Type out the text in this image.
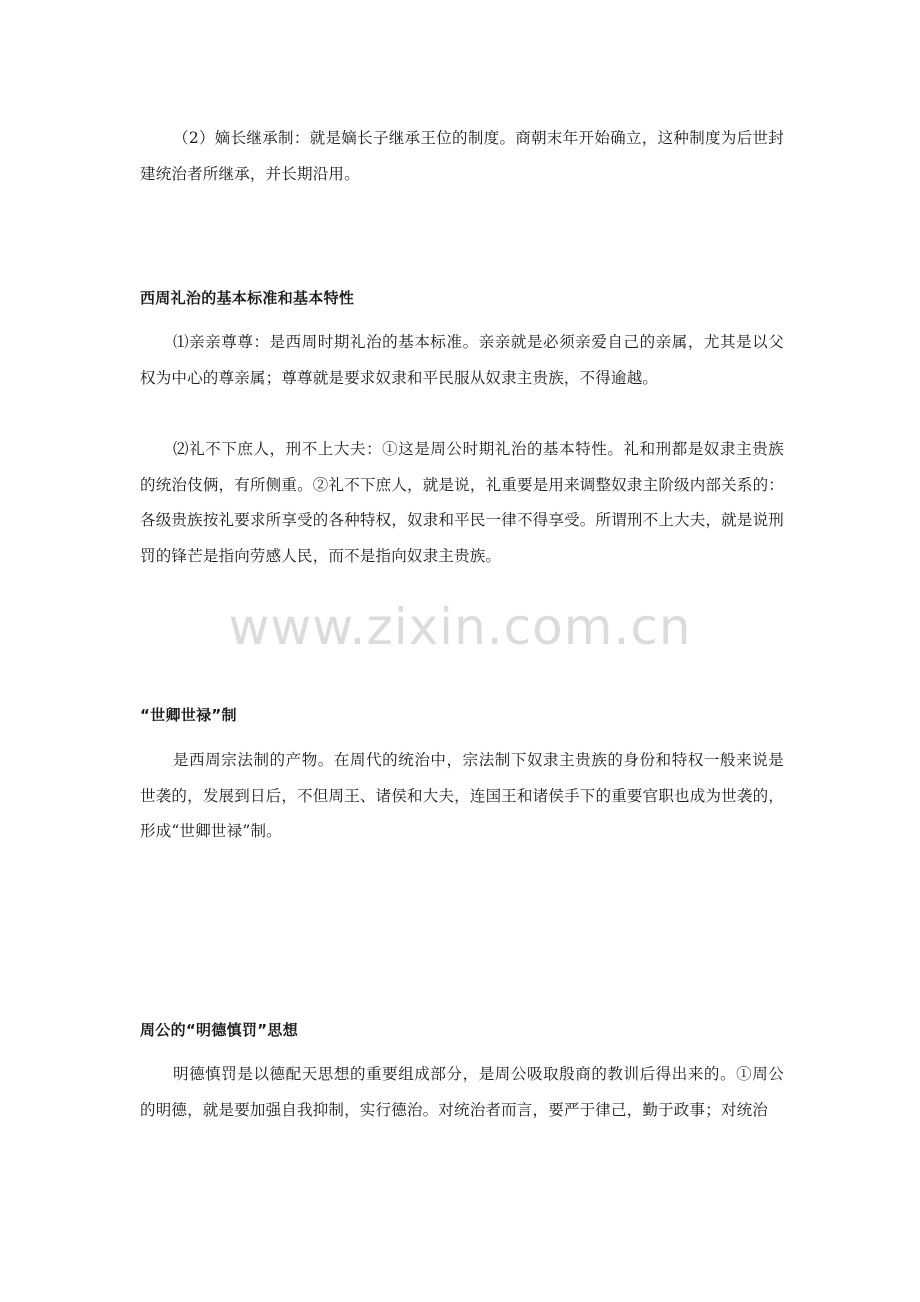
（2）嫡长继承制：就是嫡长子继承王位的制度。商朝末年开始确立，这种制度为后世封建统治者所继承，并长期沿用。

西周礼治的基本标准和基本特性

⑴亲亲尊尊：是西周时期礼治的基本标准。亲亲就是必须亲爱自己的亲属，尤其是以父权为中心的尊亲属；尊尊就是要求奴隶和平民服从奴隶主贵族，不得逾越。

⑵礼不下庶人，刑不上大夫：①这是周公时期礼治的基本特性。礼和刑都是奴隶主贵族的统治伎俩，有所侧重。②礼不下庶人，就是说，礼重要是用来调整奴隶主阶级内部关系的：各级贵族按礼要求所享受的各种特权，奴隶和平民一律不得享受。所谓刑不上大夫，就是说刑罚的锋芒是指向劳感人民，而不是指向奴隶主贵族。

“世卿世禄”制

是西周宗法制的产物。在周代的统治中，宗法制下奴隶主贵族的身份和特权一般来说是世袭的，发展到日后，不但周王、诸侯和大夫，连国王和诸侯手下的重要官职也成为世袭的，形成“世卿世禄”制。

周公的“明德慎罚”思想

明德慎罚是以德配天思想的重要组成部分，是周公吸取殷商的教训后得出来的。①周公的明德，就是要加强自我抑制，实行德治。对统治者而言，要严于律己，勤于政事；对统治

www.zixin.com.cn
